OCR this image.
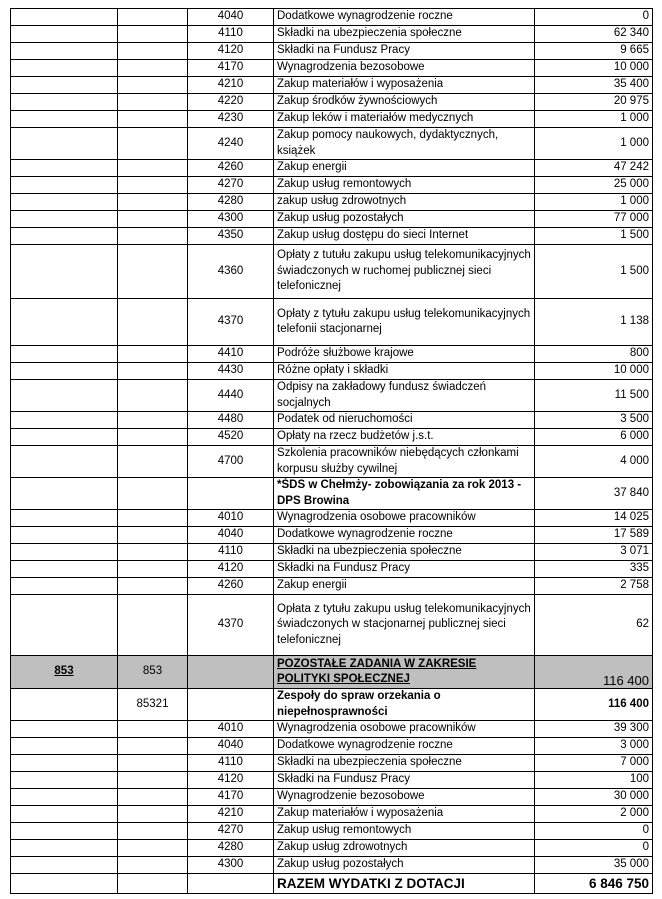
		4040	Dodatkowe wynagrodzenie roczne	0
		4110	Składki na ubezpieczenia społeczne	62 340
		4120	Składki na Fundusz Pracy	9 665
		4170	Wynagrodzenia bezosobowe	10 000
		4210	Zakup materiałów i wyposażenia	35 400
		4220	Zakup środków żywnościowych	20 975
		4230	Zakup leków i materiałów medycznych	1 000
		4240	Zakup pomocy naukowych, dydaktycznych, książek	1 000
		4260	Zakup energii	47 242
		4270	Zakup usług remontowych	25 000
		4280	zakup usług zdrowotnych	1 000
		4300	Zakup usług pozostałych	77 000
		4350	Zakup usług dostępu do sieci Internet	1 500
		4360	Opłaty z tutułu zakupu usług telekomunikacyjnych świadczonych w ruchomej publicznej sieci telefonicznej	1 500
		4370	Opłaty z tytułu zakupu usług telekomunikacyjnych telefonii stacjonarnej	1 138
		4410	Podróże służbowe krajowe	800
		4430	Różne opłaty i składki	10 000
		4440	Odpisy na zakładowy fundusz świadczeń socjalnych	11 500
		4480	Podatek od nieruchomości	3 500
		4520	Opłaty na rzecz budżetów j.s.t.	6 000
		4700	Szkolenia pracowników niebędących członkami korpusu służby cywilnej	4 000
			*ŚDS w Chełmży- zobowiązania za rok 2013 - DPS Browina	37 840
		4010	Wynagrodzenia osobowe pracowników	14 025
		4040	Dodatkowe wynagrodzenie roczne	17 589
		4110	Składki na ubezpieczenia społeczne	3 071
		4120	Składki na Fundusz Pracy	335
		4260	Zakup energii	2 758
		4370	Opłata z tytułu zakupu usług telekomunikacyjnych świadczonych w stacjonarnej publicznej sieci telefonicznej	62
853	853		POZOSTAŁE ZADANIA W ZAKRESIE POLITYKI SPOŁECZNEJ	116 400
	85321		Zespoły do spraw orzekania o niepełnosprawności	116 400
		4010	Wynagrodzenia osobowe pracowników	39 300
		4040	Dodatkowe wynagrodzenie roczne	3 000
		4110	Składki na ubezpieczenia społeczne	7 000
		4120	Składki na Fundusz Pracy	100
		4170	Wynagrodzenie bezosobowe	30 000
		4210	Zakup materiałów i wyposażenia	2 000
		4270	Zakup usług remontowych	0
		4280	Zakup usług zdrowotnych	0
		4300	Zakup usług pozostałych	35 000
			RAZEM WYDATKI Z DOTACJI	6 846 750
